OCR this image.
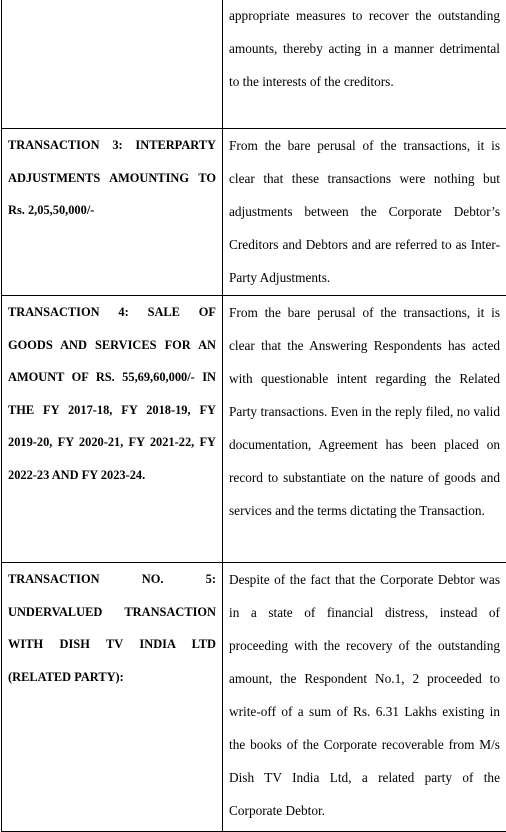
	appropriate measures to recover the outstanding amounts, thereby acting in a manner detrimental to the interests of the creditors.

TRANSACTION 3: INTERPARTY ADJUSTMENTS AMOUNTING TO Rs. 2,05,50,000/-	From the bare perusal of the transactions, it is clear that these transactions were nothing but adjustments between the Corporate Debtor’s Creditors and Debtors and are referred to as Inter-Party Adjustments.

TRANSACTION 4: SALE OF GOODS AND SERVICES FOR AN AMOUNT OF RS. 55,69,60,000/- IN THE FY 2017-18, FY 2018-19, FY 2019-20, FY 2020-21, FY 2021-22, FY 2022-23 AND FY 2023-24.	From the bare perusal of the transactions, it is clear that the Answering Respondents has acted with questionable intent regarding the Related Party transactions. Even in the reply filed, no valid documentation, Agreement has been placed on record to substantiate on the nature of goods and services and the terms dictating the Transaction.

TRANSACTION NO. 5: UNDERVALUED TRANSACTION WITH DISH TV INDIA LTD (RELATED PARTY):	Despite of the fact that the Corporate Debtor was in a state of financial distress, instead of proceeding with the recovery of the outstanding amount, the Respondent No.1, 2 proceeded to write-off of a sum of Rs. 6.31 Lakhs existing in the books of the Corporate recoverable from M/s Dish TV India Ltd, a related party of the Corporate Debtor.
